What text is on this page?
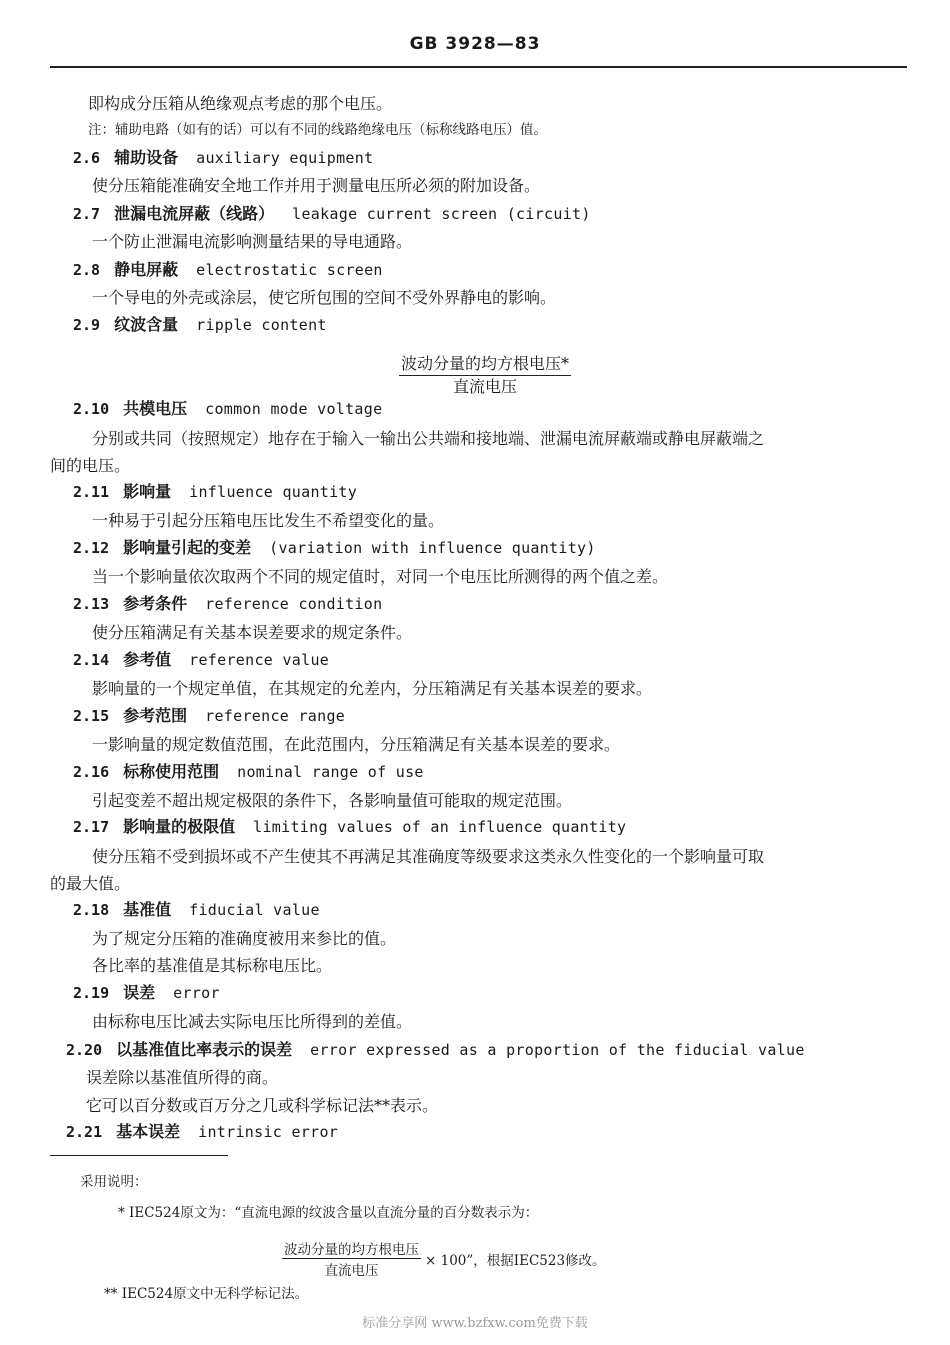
GB 3928—83
即构成分压箱从绝缘观点考虑的那个电压。
注：辅助电路（如有的话）可以有不同的线路绝缘电压（标称线路电压）值。
2.6 辅助设备 auxiliary equipment
使分压箱能准确安全地工作并用于测量电压所必须的附加设备。
2.7 泄漏电流屏蔽（线路） leakage current screen (circuit)
一个防止泄漏电流影响测量结果的导电通路。
2.8 静电屏蔽 electrostatic screen
一个导电的外壳或涂层，使它所包围的空间不受外界静电的影响。
2.9 纹波含量 ripple content
波动分量的均方根电压*
直流电压
2.10 共模电压 common mode voltage
分别或共同（按照规定）地存在于输入一输出公共端和接地端、泄漏电流屏蔽端或静电屏蔽端之
间的电压。
2.11 影响量 influence quantity
一种易于引起分压箱电压比发生不希望变化的量。
2.12 影响量引起的变差 (variation with influence quantity)
当一个影响量依次取两个不同的规定值时，对同一个电压比所测得的两个值之差。
2.13 参考条件 reference condition
使分压箱满足有关基本误差要求的规定条件。
2.14 参考值 reference value
影响量的一个规定单值，在其规定的允差内，分压箱满足有关基本误差的要求。
2.15 参考范围 reference range
一影响量的规定数值范围，在此范围内，分压箱满足有关基本误差的要求。
2.16 标称使用范围 nominal range of use
引起变差不超出规定极限的条件下，各影响量值可能取的规定范围。
2.17 影响量的极限值 limiting values of an influence quantity
使分压箱不受到损坏或不产生使其不再满足其准确度等级要求这类永久性变化的一个影响量可取
的最大值。
2.18 基准值 fiducial value
为了规定分压箱的准确度被用来参比的值。
各比率的基准值是其标称电压比。
2.19 误差 error
由标称电压比减去实际电压比所得到的差值。
2.20 以基准值比率表示的误差 error expressed as a proportion of the fiducial value
误差除以基准值所得的商。
它可以百分数或百万分之几或科学标记法**表示。
2.21 基本误差 intrinsic error
采用说明：
* IEC524原文为：“直流电源的纹波含量以直流分量的百分数表示为：
波动分量的均方根电压
直流电压
× 100”，根据IEC523修改。
** IEC524原文中无科学标记法。
标准分享网 www.bzfxw.com免费下载
